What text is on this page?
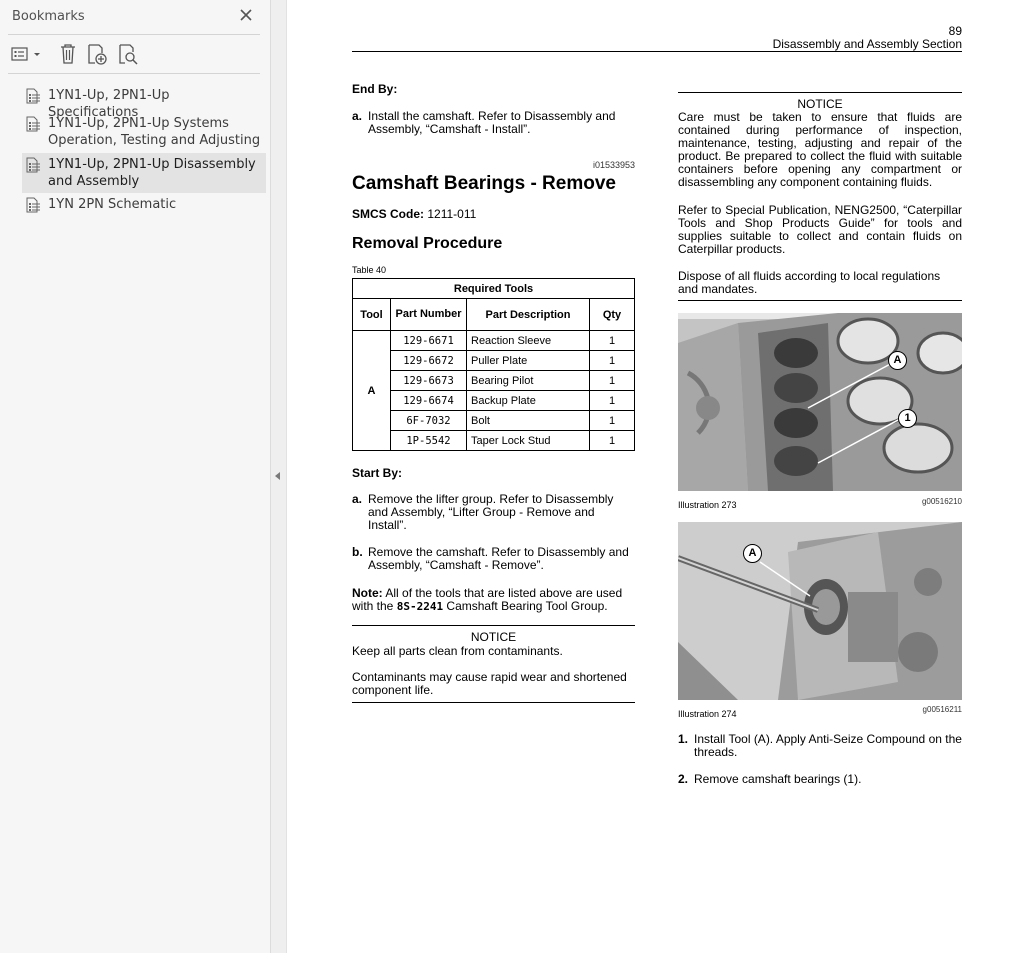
Bookmarks
1YN1-Up, 2PN1-Up Specifications
1YN1-Up, 2PN1-Up Systems Operation, Testing and Adjusting
1YN1-Up, 2PN1-Up Disassembly and Assembly
1YN 2PN Schematic
89
Disassembly and Assembly Section
End By:
a. Install the camshaft. Refer to Disassembly and Assembly, “Camshaft - Install”.
i01533953
Camshaft Bearings - Remove
SMCS Code: 1211-011
Removal Procedure
Table 40
Required Tools			
Tool	Part Number	Part Description	Qty
A	129-6671	Reaction Sleeve	1
	129-6672	Puller Plate	1
	129-6673	Bearing Pilot	1
	129-6674	Backup Plate	1
	6F-7032	Bolt	1
	1P-5542	Taper Lock Stud	1
Start By:
a. Remove the lifter group. Refer to Disassembly and Assembly, “Lifter Group - Remove and Install”.
b. Remove the camshaft. Refer to Disassembly and Assembly, “Camshaft - Remove”.
Note: All of the tools that are listed above are used with the 8S-2241 Camshaft Bearing Tool Group.
NOTICE
Keep all parts clean from contaminants.
Contaminants may cause rapid wear and shortened component life.
NOTICE
Care must be taken to ensure that fluids are contained during performance of inspection, maintenance, testing, adjusting and repair of the product. Be prepared to collect the fluid with suitable containers before opening any compartment or disassembling any component containing fluids.
Refer to Special Publication, NENG2500, “Caterpillar Tools and Shop Products Guide” for tools and supplies suitable to collect and contain fluids on Caterpillar products.
Dispose of all fluids according to local regulations and mandates.
A
1
Illustration 273	g00516210
A
Illustration 274	g00516211
1. Install Tool (A). Apply Anti-Seize Compound on the threads.
2. Remove camshaft bearings (1).
